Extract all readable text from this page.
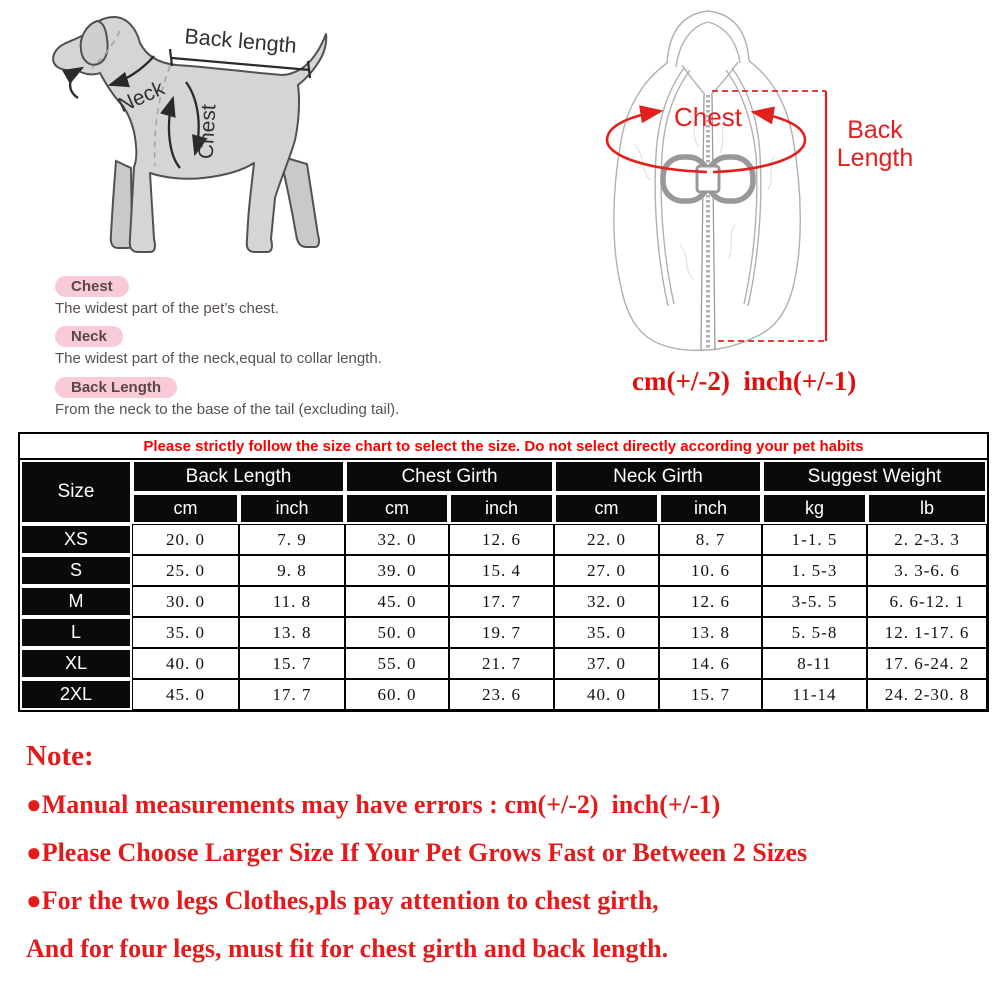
Back length
Neck
Chest	Chest	Back
Length
cm(+/-2)  inch(+/-1)
Chest
The widest part of the pet’s chest.
Neck
The widest part of the neck,equal to collar length.
Back Length
From the neck to the base of the tail (excluding tail).
Please strictly follow the size chart to select the size. Do not select directly according your pet habits								
Size	Back Length		Chest Girth		Neck Girth		Suggest Weight	
	cm	inch	cm	inch	cm	inch	kg	lb
XS	20. 0	7. 9	32. 0	12. 6	22. 0	8. 7	1-1. 5	2. 2-3. 3
S	25. 0	9. 8	39. 0	15. 4	27. 0	10. 6	1. 5-3	3. 3-6. 6
M	30. 0	11. 8	45. 0	17. 7	32. 0	12. 6	3-5. 5	6. 6-12. 1
L	35. 0	13. 8	50. 0	19. 7	35. 0	13. 8	5. 5-8	12. 1-17. 6
XL	40. 0	15. 7	55. 0	21. 7	37. 0	14. 6	8-11	17. 6-24. 2
2XL	45. 0	17. 7	60. 0	23. 6	40. 0	15. 7	11-14	24. 2-30. 8
Note:
●Manual measurements may have errors : cm(+/-2)  inch(+/-1)
●Please Choose Larger Size If Your Pet Grows Fast or Between 2 Sizes
●For the two legs Clothes,pls pay attention to chest girth,
And for four legs, must fit for chest girth and back length.
